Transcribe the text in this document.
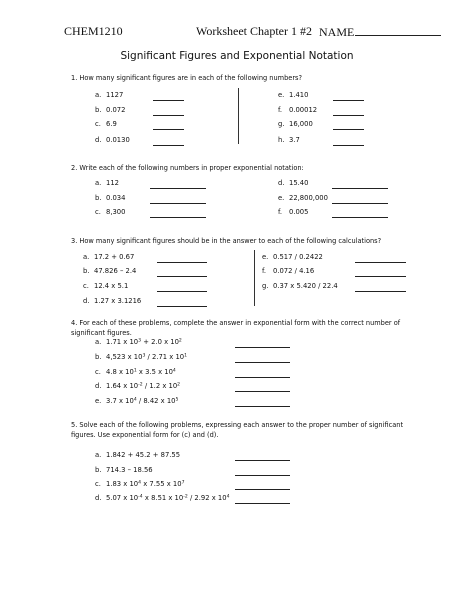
CHEM1210	Worksheet Chapter 1 #2 NAME
Significant Figures and Exponential Notation
1. How many significant figures are in each of the following numbers?
a. 1127
b. 0.072
c. 6.9
d. 0.0130
e. 1.410
f. 0.00012
g. 16,000
h. 3.7
2. Write each of the following numbers in proper exponential notation:
a. 112
b. 0.034
c. 8,300
d. 15.40
e. 22,800,000
f. 0.005
3. How many significant figures should be in the answer to each of the following calculations?
a. 17.2 + 0.67
b. 47.826 – 2.4
c. 12.4 x 5.1
d. 1.27 x 3.1216
e. 0.517 / 0.2422
f. 0.072 / 4.16
g. 0.37 x 5.420 / 22.4
4. For each of these problems, complete the answer in exponential form with the correct number of significant figures.
a. 1.71 x $10^3 + 2.0$ x $10^2$
b. 4,523 x $10^3 / 2.71$ x $10^1$
c. 4.8 x $10^1$ x 3.5 x $10^4$
d. 1.64 x $10^{-2} / 1.2$ x $10^2$
e. 3.7 x $10^4 / 8.42$ x $10^5$
5. Solve each of the following problems, expressing each answer to the proper number of significant figures. Use exponential form for (c) and (d).
a. 1.842 + 45.2 + 87.55
b. 714.3 – 18.56
c. 1.83 x $10^4$ x 7.55 x $10^7$
d. 5.07 x $10^{-4}$ x 8.51 x $10^{-2} / 2.92$ x $10^4$
